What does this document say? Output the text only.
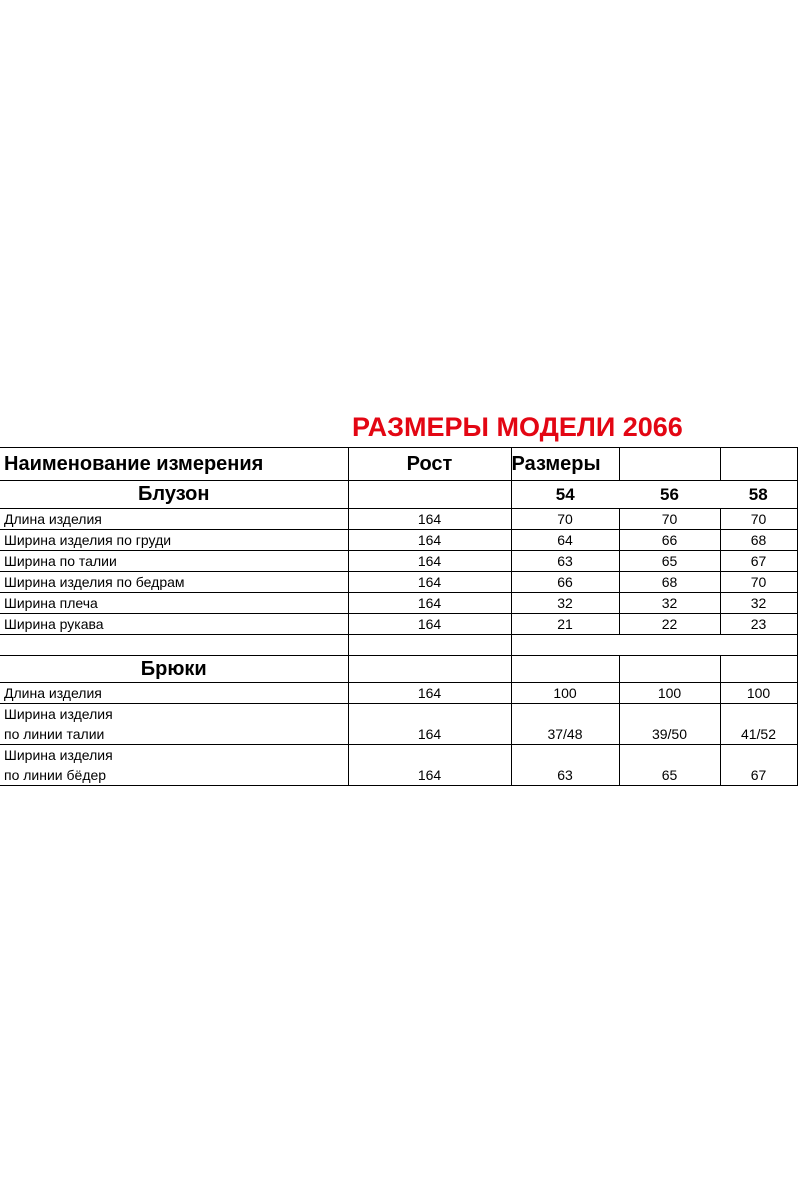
РАЗМЕРЫ МОДЕЛИ 2066
Наименование измерения	Рост	Размеры		
Блузон		54	56	58
Длина изделия	164	70	70	70
Ширина изделия по груди	164	64	66	68
Ширина по талии	164	63	65	67
Ширина изделия по бедрам	164	66	68	70
Ширина плеча	164	32	32	32
Ширина рукава	164	21	22	23

Брюки				
Длина изделия	164	100	100	100
Ширина изделия				
по линии талии	164	37/48	39/50	41/52
Ширина изделия				
по линии бёдер	164	63	65	67
